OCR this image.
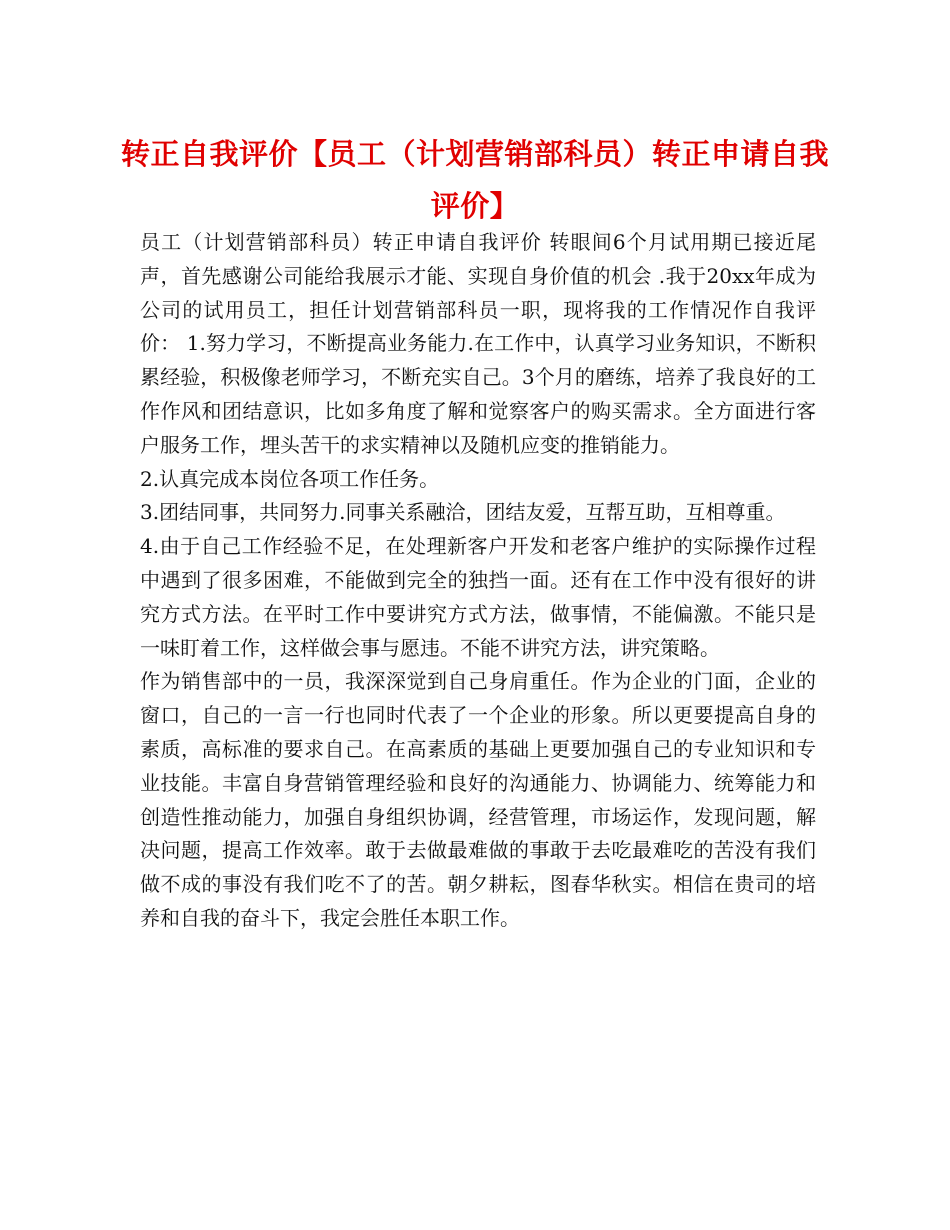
转正自我评价【员工（计划营销部科员）转正申请自我评价】

员工（计划营销部科员）转正申请自我评价 转眼间6个月试用期已接近尾声，首先感谢公司能给我展示才能、实现自身价值的机会 .我于20xx年成为公司的试用员工，担任计划营销部科员一职，现将我的工作情况作自我评价： 1.努力学习，不断提高业务能力.在工作中，认真学习业务知识，不断积 累经验，积极像老师学习，不断充实自己。3个月的磨练，培养了我良好的工作作风和团结意识，比如多角度了解和觉察客户的购买需求。全方面进行客户服务工作，埋头苦干的求实精神以及随机应变的推销能力。

2.认真完成本岗位各项工作任务。

3.团结同事，共同努力.同事关系融洽，团结友爱，互帮互助，互相尊重。

4.由于自己工作经验不足，在处理新客户开发和老客户维护的实际操作过程中遇到了很多困难，不能做到完全的独挡一面。还有在工作中没有很好的讲究方式方法。在平时工作中要讲究方式方法，做事情，不能偏激。不能只是一味盯着工作，这样做会事与愿违。不能不讲究方法，讲究策略。

作为销售部中的一员，我深深觉到自己身肩重任。作为企业的门面，企业的窗口，自己的一言一行也同时代表了一个企业的形象。所以更要提高自身的素质，高标准的要求自己。在高素质的基础上更要加强自己的专业知识和专业技能。丰富自身营销管理经验和良好的沟通能力、协调能力、统筹能力和创造性推动能力，加强自身组织协调，经营管理，市场运作，发现问题，解决问题，提高工作效率。敢于去做最难做的事敢于去吃最难吃的苦没有我们做不成的事没有我们吃不了的苦。朝夕耕耘，图春华秋实。相信在贵司的培养和自我的奋斗下，我定会胜任本职工作。
